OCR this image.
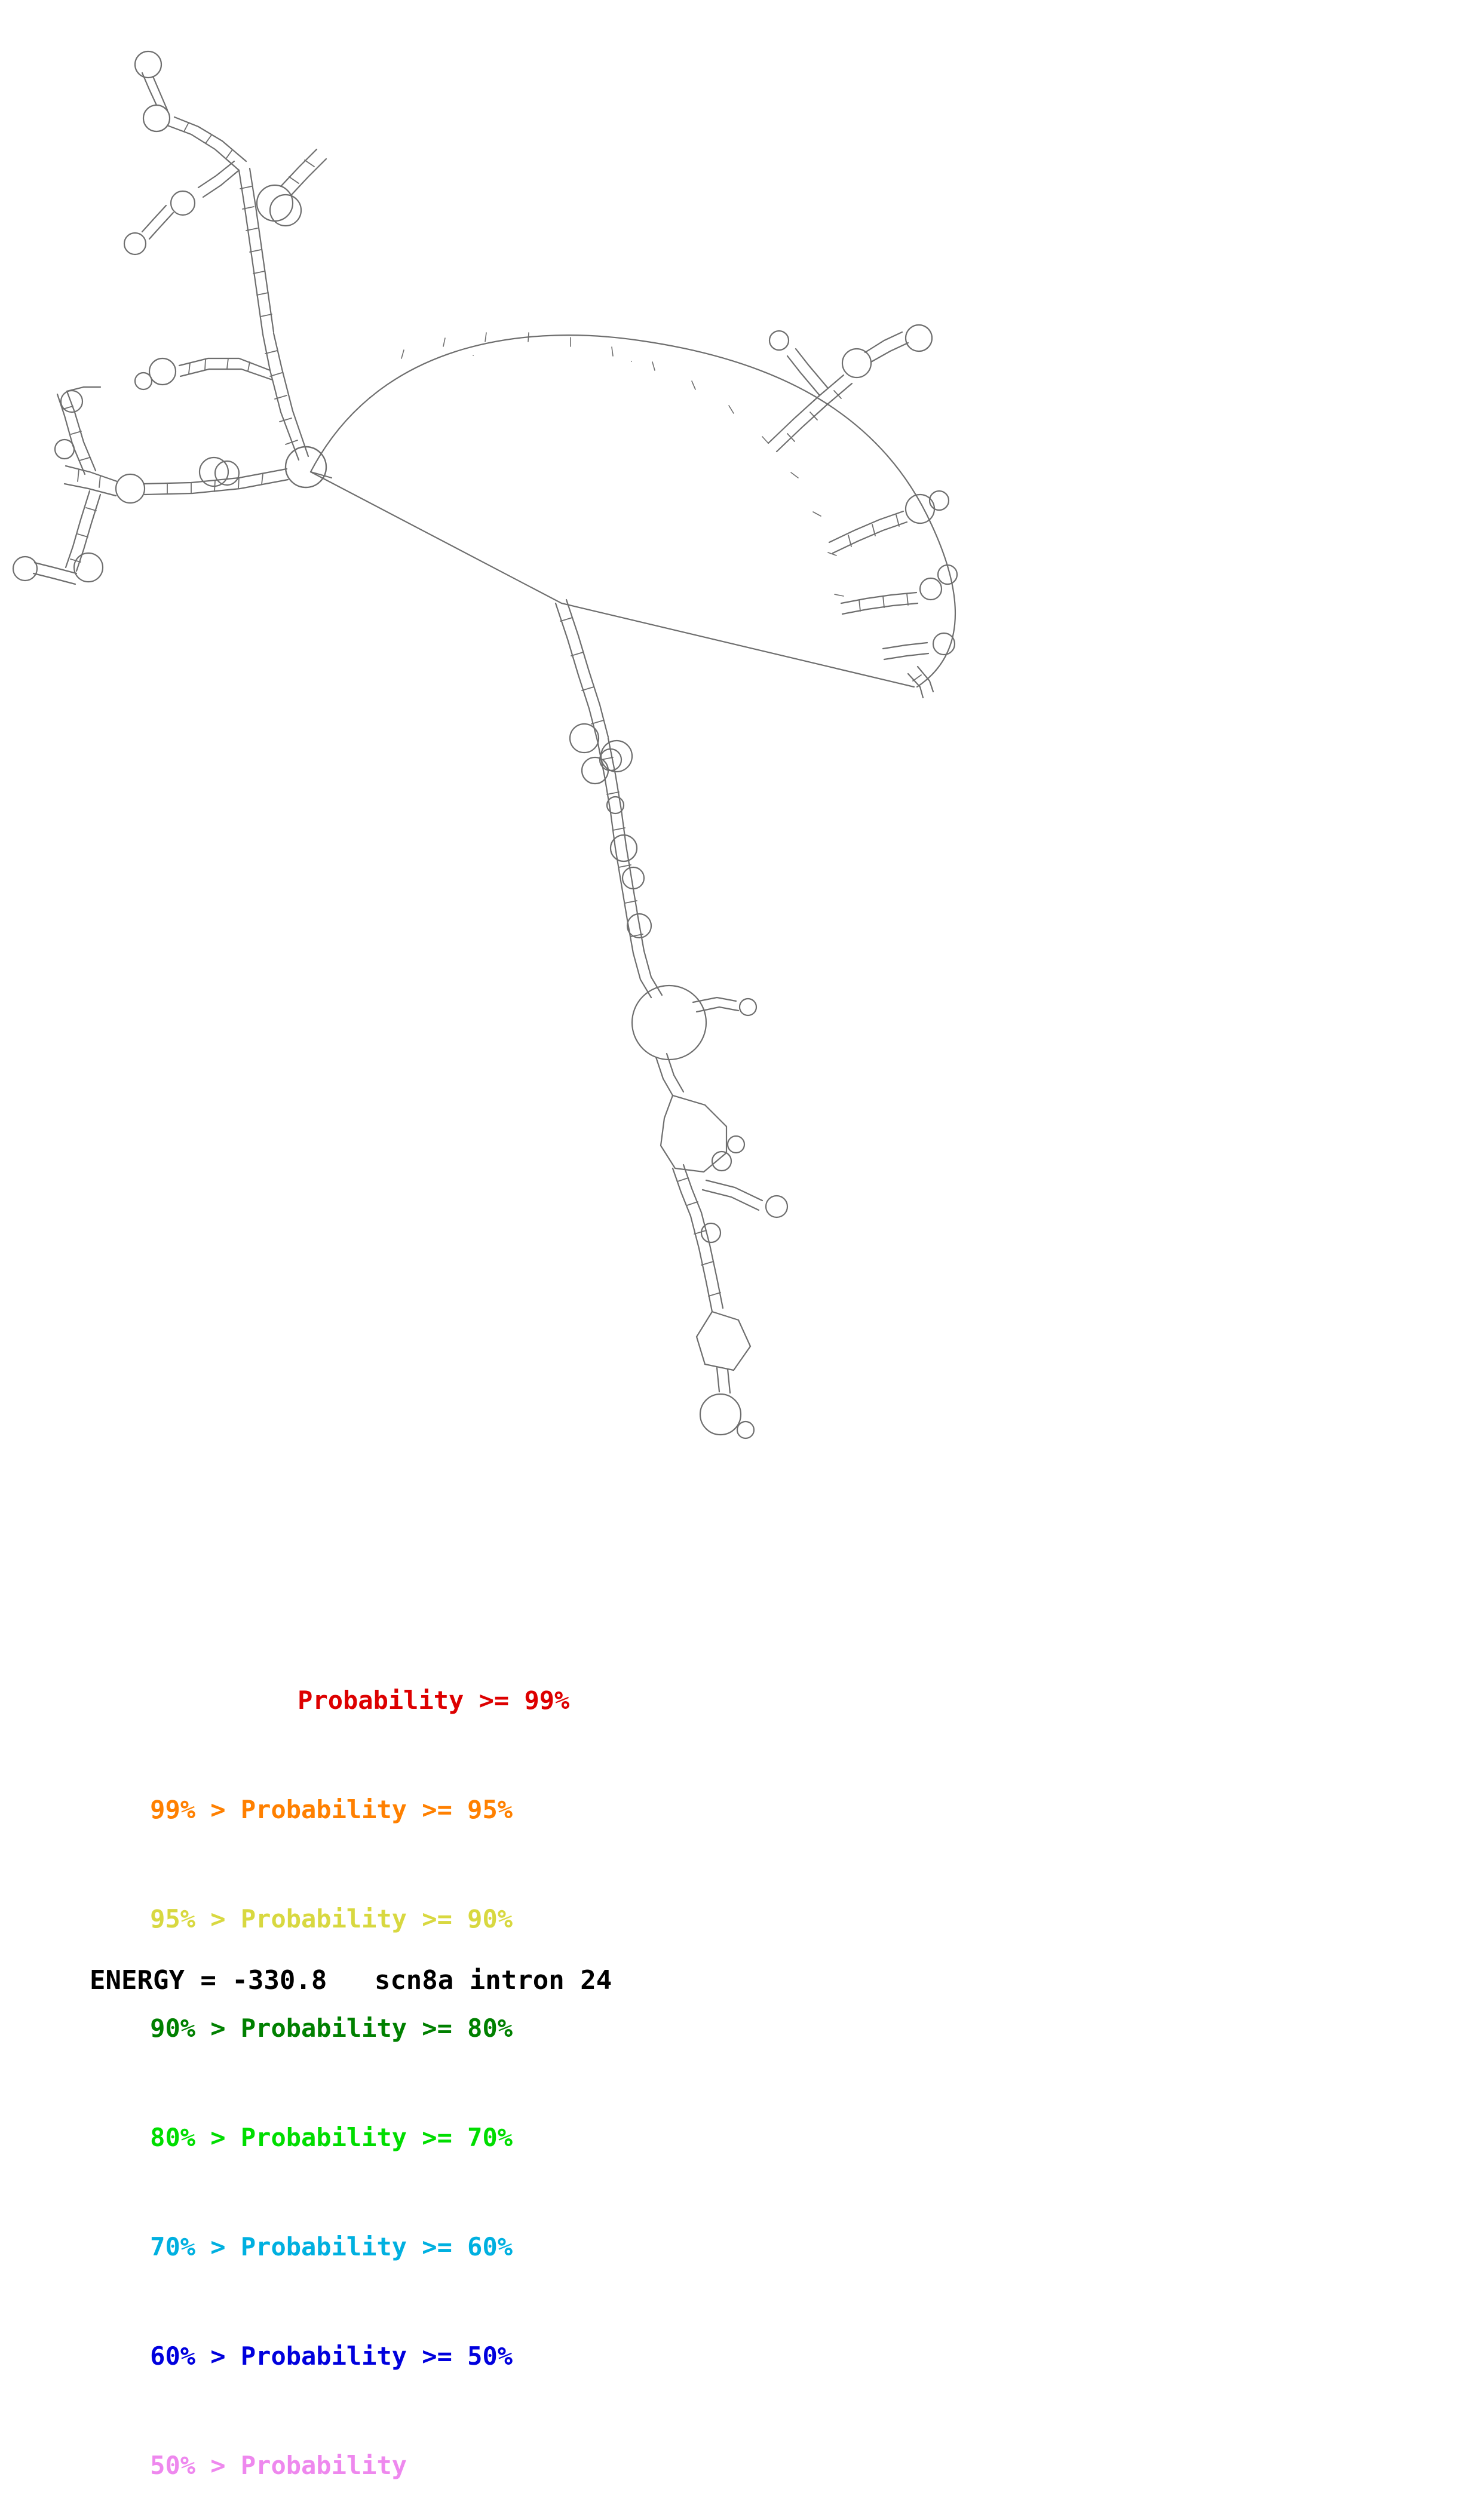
·
·

Probability >= 99%

99% > Probability >= 95%

95% > Probability >= 90%

90% > Probability >= 80%

80% > Probability >= 70%

70% > Probability >= 60%

60% > Probability >= 50%

50% > Probability

ENERGY = -330.8   scn8a intron 24
